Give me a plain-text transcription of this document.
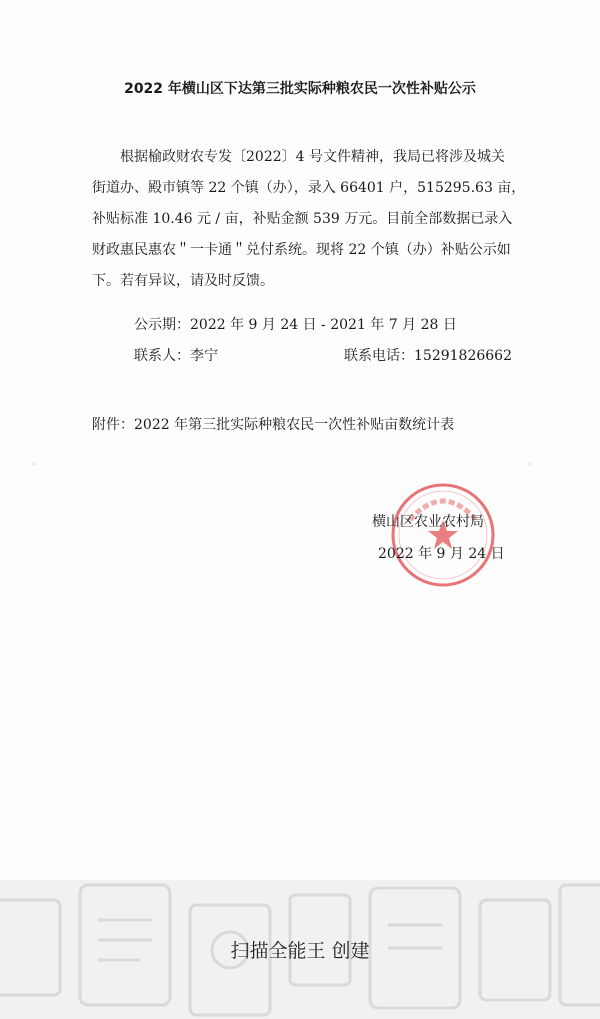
2022 年横山区下达第三批实际种粮农民一次性补贴公示
根据榆政财农专发〔2022〕4 号文件精神，我局已将涉及城关
街道办、殿市镇等 22 个镇（办），录入 66401 户，515295.63 亩，
补贴标准 10.46 元 / 亩，补贴金额 539 万元。目前全部数据已录入
财政惠民惠农＂一卡通＂兑付系统。现将 22 个镇（办）补贴公示如
下。若有异议，请及时反馈。
公示期：2022 年 9 月 24 日 - 2021 年 7 月 28 日
联系人：李宁	联系电话：15291826662
附件：2022 年第三批实际种粮农民一次性补贴亩数统计表
横山区农业农村局
2022 年 9 月 24 日
扫描全能王 创建
